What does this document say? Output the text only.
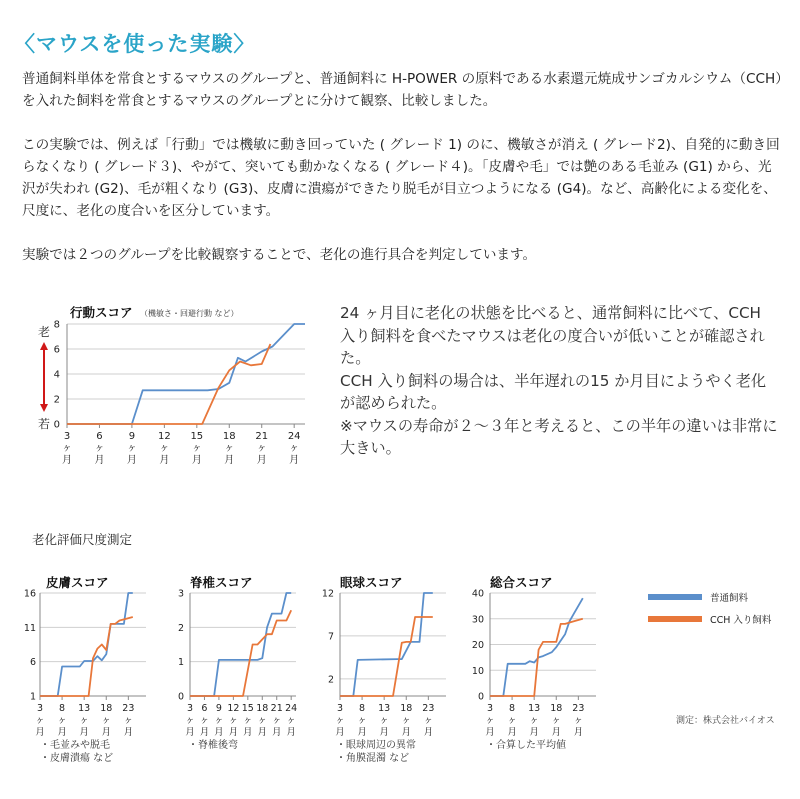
〈マウスを使った実験〉

普通飼料単体を常食とするマウスのグループと、普通飼料に H-POWER の原料である水素還元焼成サンゴカルシウム（CCH）を入れた飼料を常食とするマウスのグループとに分けて観察、比較しました。

この実験では、例えば「行動」では機敏に動き回っていた ( グレード 1) のに、機敏さが消え ( グレード2)、自発的に動き回らなくなり ( グレード３)、やがて、突いても動かなくなる ( グレード４)。「皮膚や毛」では艶のある毛並み (G1) から、光沢が失われ (G2)、毛が粗くなり (G3)、皮膚に潰瘍ができたり脱毛が目立つようになる (G4)。など、高齢化による変化を、尺度に、老化の度合いを区分しています。

実験では２つのグループを比較観察することで、老化の進行具合を判定しています。

行動スコア （機敏さ・回避行動 など）
0
2
4
6
8
3
ヶ
月
6
ヶ
月
9
ヶ
月
12
ヶ
月
15
ヶ
月
18
ヶ
月
21
ヶ
月
24
ヶ
月
老
若
24 ヶ月目に老化の状態を比べると、通常飼料に比べて、CCH 入り飼料を食べたマウスは老化の度合いが低いことが確認された。
CCH 入り飼料の場合は、半年遅れの15 か月目にようやく老化が認められた。
※マウスの寿命が２～３年と考えると、この半年の違いは非常に大きい。
老化評価尺度測定
皮膚スコア
1
6
11
16
3
ヶ
月
8
ヶ
月
13
ヶ
月
18
ヶ
月
23
ヶ
月
脊椎スコア
0
1
2
3
3
ヶ
月
6
ヶ
月
9
ヶ
月
12
ヶ
月
15
ヶ
月
18
ヶ
月
21
ヶ
月
24
ヶ
月
眼球スコア
2
7
12
3
ヶ
月
8
ヶ
月
13
ヶ
月
18
ヶ
月
23
ヶ
月
総合スコア
0
10
20
30
40
3
ヶ
月
8
ヶ
月
13
ヶ
月
18
ヶ
月
23
ヶ
月
・毛並みや脱毛
・皮膚潰瘍 など
・脊椎後弯	・眼球周辺の異常
・角膜混濁 など
・合算した平均値
普通飼料
CCH 入り飼料
測定：株式会社バイオス
